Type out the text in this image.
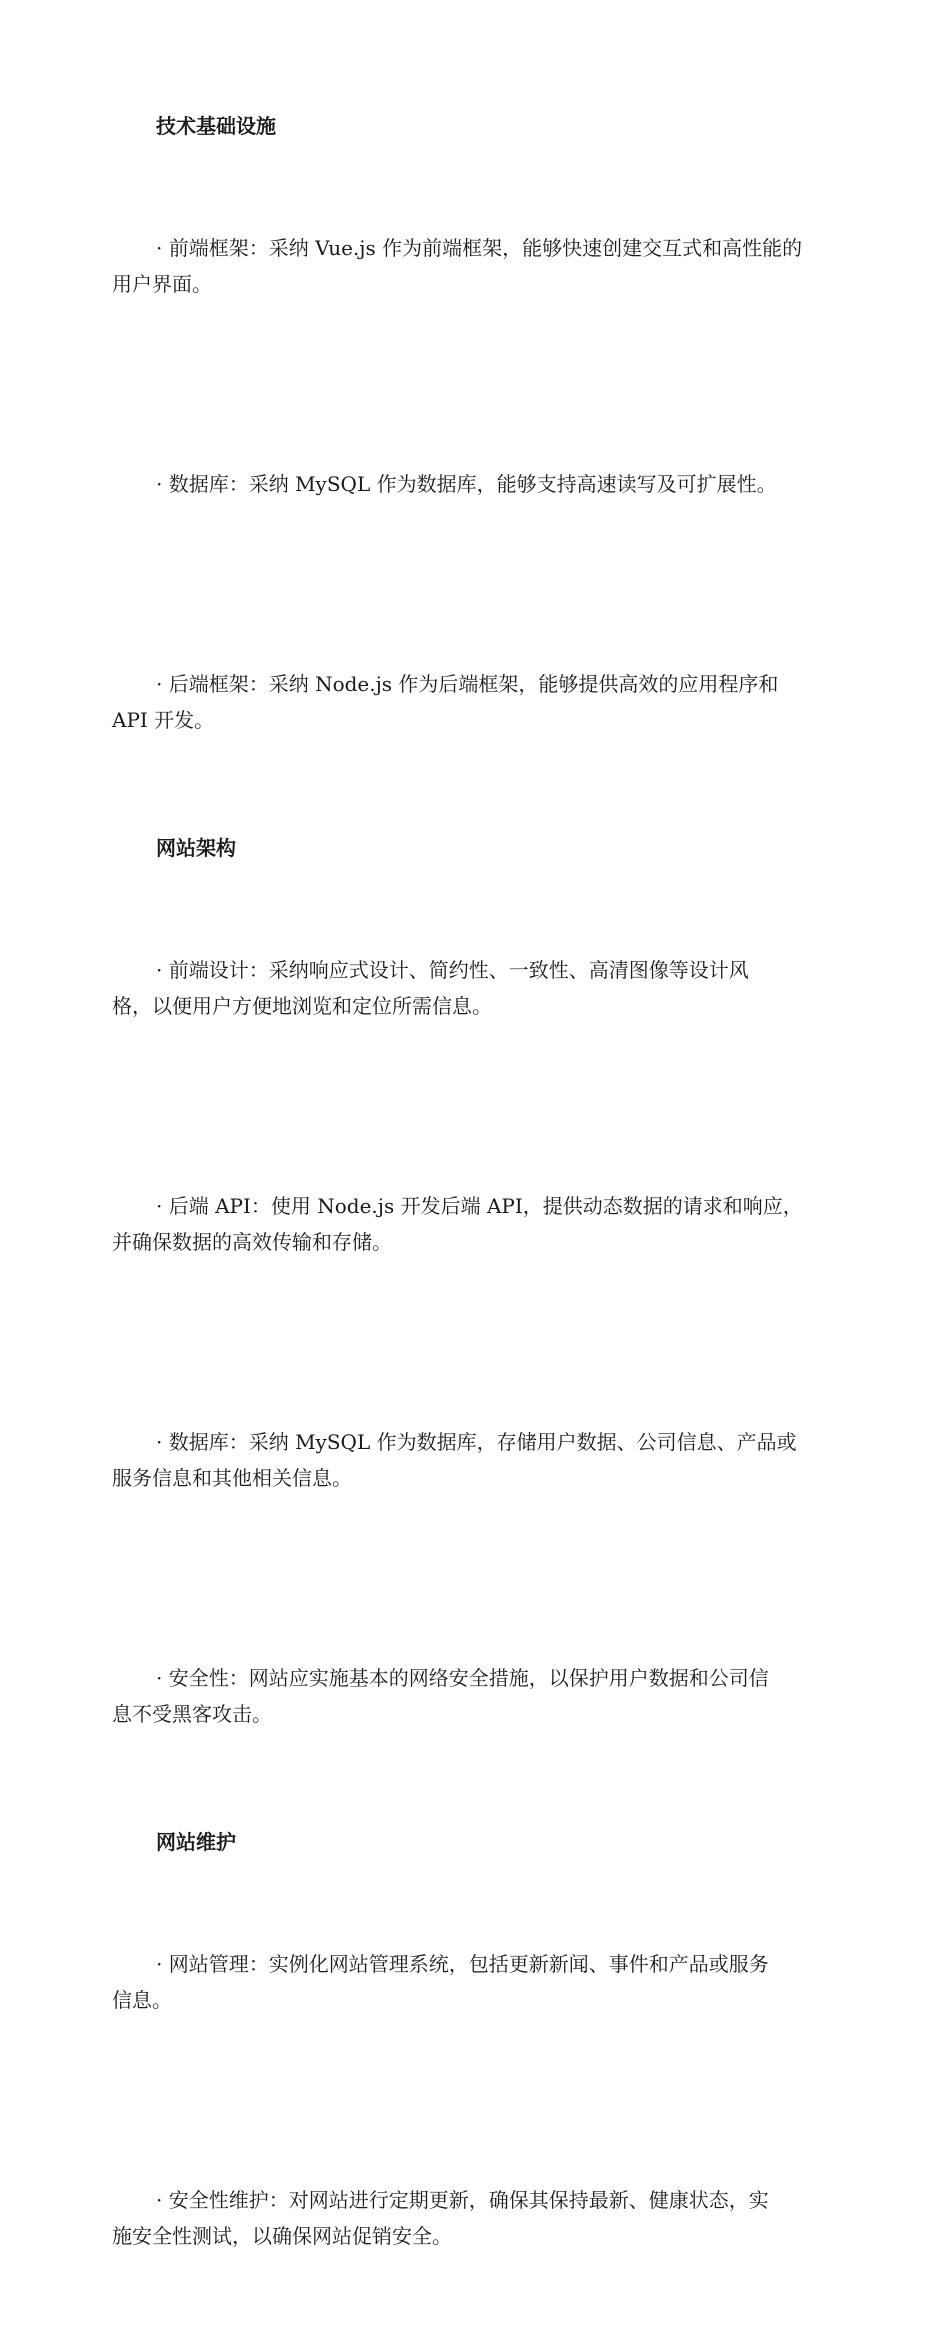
技术基础设施

· 前端框架：采纳 Vue.js 作为前端框架，能够快速创建交互式和高性能的
用户界面。

· 数据库：采纳 MySQL 作为数据库，能够支持高速读写及可扩展性。

· 后端框架：采纳 Node.js 作为后端框架，能够提供高效的应用程序和
API 开发。

网站架构

· 前端设计：采纳响应式设计、简约性、一致性、高清图像等设计风
格，以便用户方便地浏览和定位所需信息。

· 后端 API：使用 Node.js 开发后端 API，提供动态数据的请求和响应，
并确保数据的高效传输和存储。

· 数据库：采纳 MySQL 作为数据库，存储用户数据、公司信息、产品或
服务信息和其他相关信息。

· 安全性：网站应实施基本的网络安全措施，以保护用户数据和公司信
息不受黑客攻击。

网站维护

· 网站管理：实例化网站管理系统，包括更新新闻、事件和产品或服务
信息。

· 安全性维护：对网站进行定期更新，确保其保持最新、健康状态，实
施安全性测试，以确保网站促销安全。
